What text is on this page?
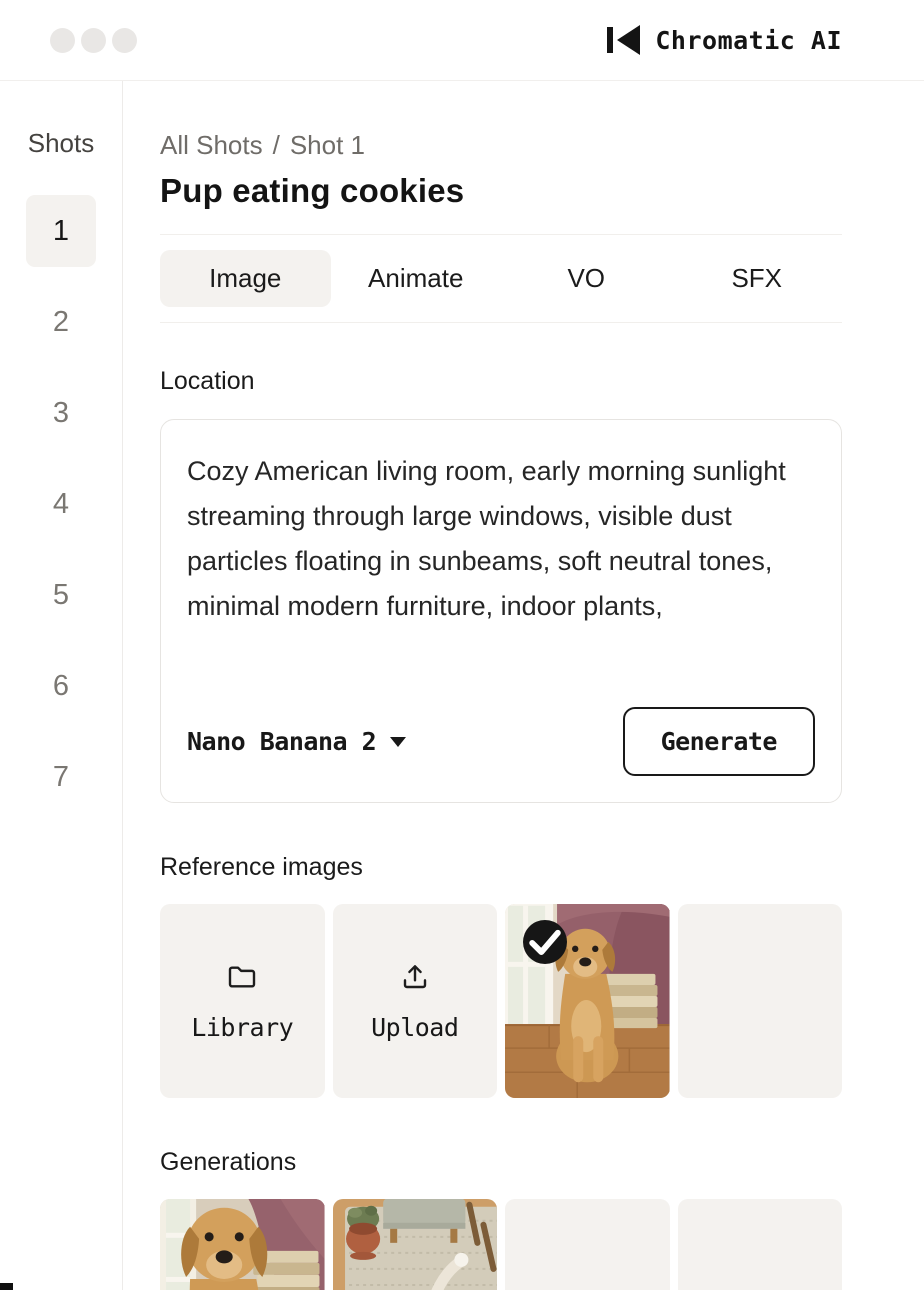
Chromatic AI
Shots
1
2
3
4
5
6
7
All Shots / Shot 1
Pup eating cookies
Image	Animate	VO	SFX
Location
Cozy American living room, early morning sunlight streaming through large windows, visible dust particles floating in sunbeams, soft neutral tones, minimal modern furniture, indoor plants,
Nano Banana 2	Generate
Reference images
Library	Upload
Generations
